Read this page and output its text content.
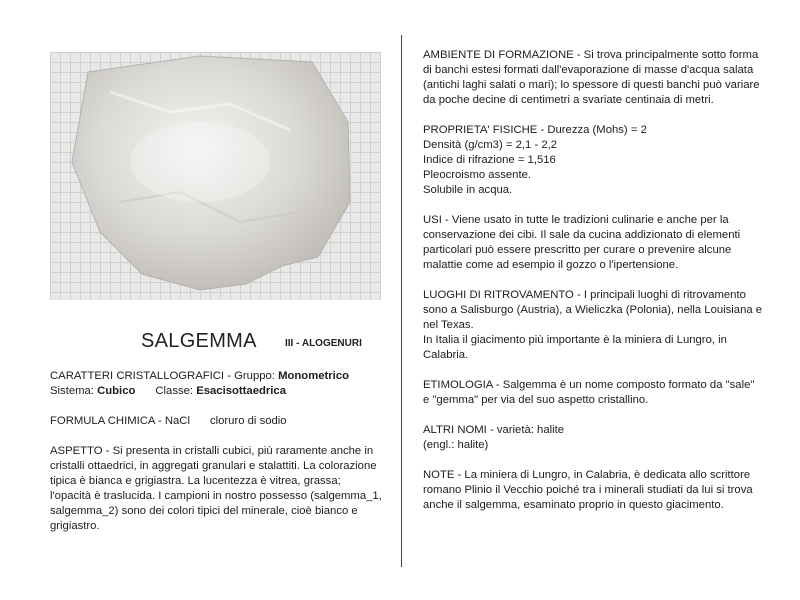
SALGEMMA	III - ALOGENURI

CARATTERI CRISTALLOGRAFICI - Gruppo: Monometrico

Sistema: Cubico Classe: Esacisottaedrica

FORMULA CHIMICA - NaCl cloruro di sodio

ASPETTO - Si presenta in cristalli cubici, più raramente anche in cristalli ottaedrici, in aggregati granulari e stalattiti. La colorazione tipica è bianca e grigiastra. La lucentezza è vitrea, grassa; l'opacità è traslucida. I campioni in nostro possesso (salgemma_1, salgemma_2) sono dei colori tipici del minerale, cioè bianco e grigiastro.

AMBIENTE DI FORMAZIONE - Si trova principalmente sotto forma di banchi estesi formati dall'evaporazione di masse d'acqua salata (antichi laghi salati o mari); lo spessore di questi banchi può variare da poche decine di centimetri a svariate centinaia di metri.

PROPRIETA' FISICHE - Durezza (Mohs) = 2

Densità (g/cm3) = 2,1 - 2,2

Indice di rifrazione = 1,516

Pleocroismo assente.

Solubile in acqua.

USI - Viene usato in tutte le tradizioni culinarie e anche per la conservazione dei cibi. Il sale da cucina addizionato di elementi particolari può essere prescritto per curare o prevenire alcune malattie come ad esempio il gozzo o l'ipertensione.

LUOGHI DI RITROVAMENTO - I principali luoghi di ritrovamento sono a Salisburgo (Austria), a Wieliczka (Polonia), nella Louisiana e nel Texas.

In Italia il giacimento più importante è la miniera di Lungro, in Calabria.

ETIMOLOGIA - Salgemma è un nome composto formato da "sale" e "gemma" per via del suo aspetto cristallino.

ALTRI NOMI - varietà: halite

(engl.: halite)

NOTE - La miniera di Lungro, in Calabria, è dedicata allo scrittore romano Plinio il Vecchio poiché tra i minerali studiati da lui si trova anche il salgemma, esaminato proprio in questo giacimento.
